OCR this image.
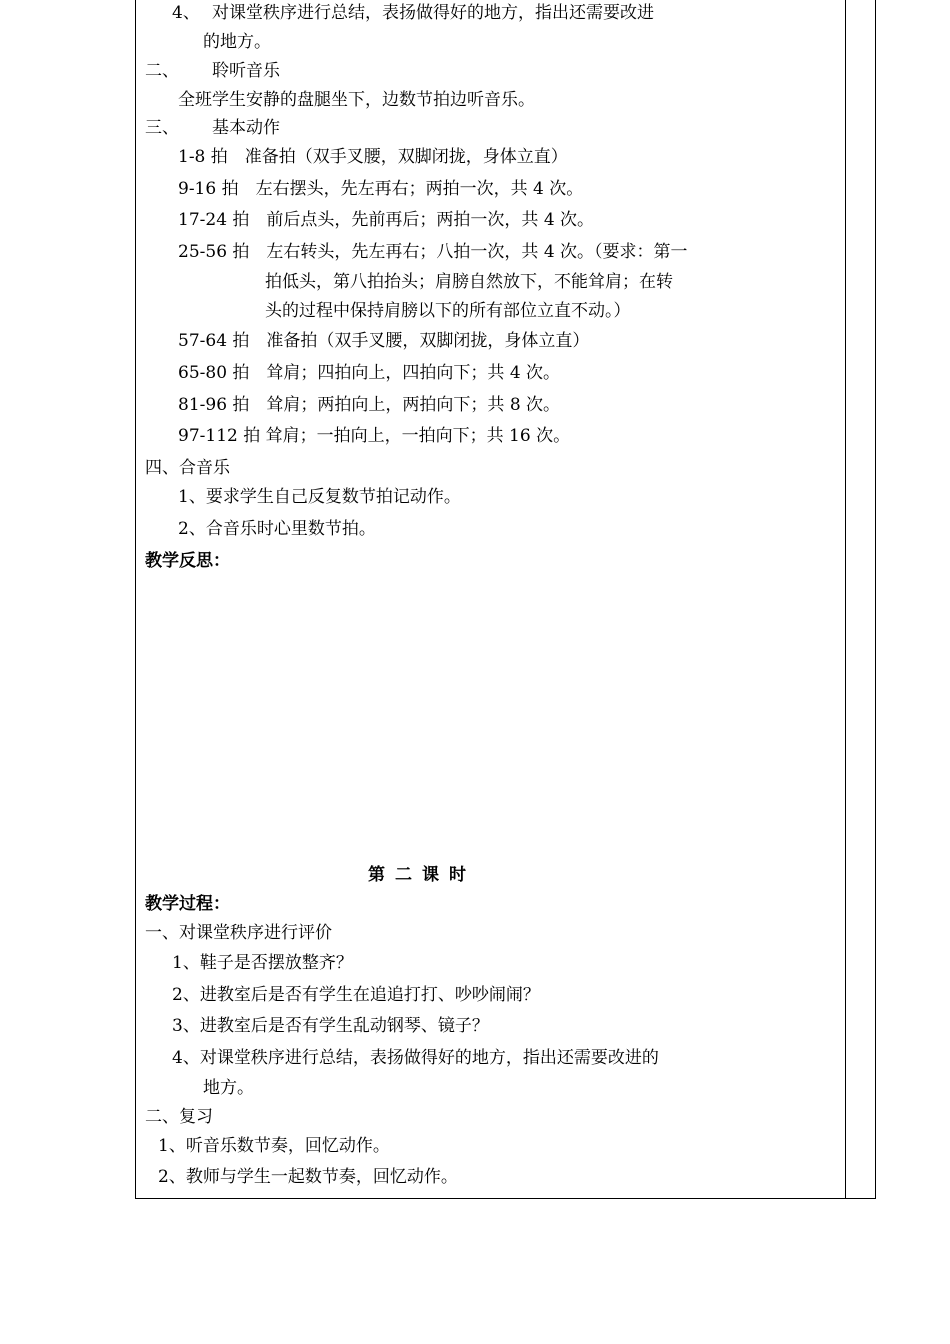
4、 对课堂秩序进行总结，表扬做得好的地方，指出还需要改进
的地方。
二、 聆听音乐
全班学生安静的盘腿坐下，边数节拍边听音乐。
三、 基本动作
1-8 拍　准备拍（双手叉腰，双脚闭拢，身体立直）
9-16 拍　左右摆头，先左再右；两拍一次，共 4 次。
17-24 拍　前后点头，先前再后；两拍一次，共 4 次。
25-56 拍　左右转头，先左再右；八拍一次，共 4 次。（要求：第一
拍低头，第八拍抬头；肩膀自然放下，不能耸肩；在转
头的过程中保持肩膀以下的所有部位立直不动。）
57-64 拍　准备拍（双手叉腰，双脚闭拢，身体立直）
65-80 拍　耸肩；四拍向上，四拍向下；共 4 次。
81-96 拍　耸肩；两拍向上，两拍向下；共 8 次。
97-112 拍 耸肩；一拍向上，一拍向下；共 16 次。
四、合音乐
1、要求学生自己反复数节拍记动作。
2、合音乐时心里数节拍。
教学反思：
第二课时
教学过程：
一、对课堂秩序进行评价
1、鞋子是否摆放整齐？
2、进教室后是否有学生在追追打打、吵吵闹闹？
3、进教室后是否有学生乱动钢琴、镜子？
4、对课堂秩序进行总结，表扬做得好的地方，指出还需要改进的
地方。
二、复习
1、听音乐数节奏，回忆动作。
2、教师与学生一起数节奏，回忆动作。
